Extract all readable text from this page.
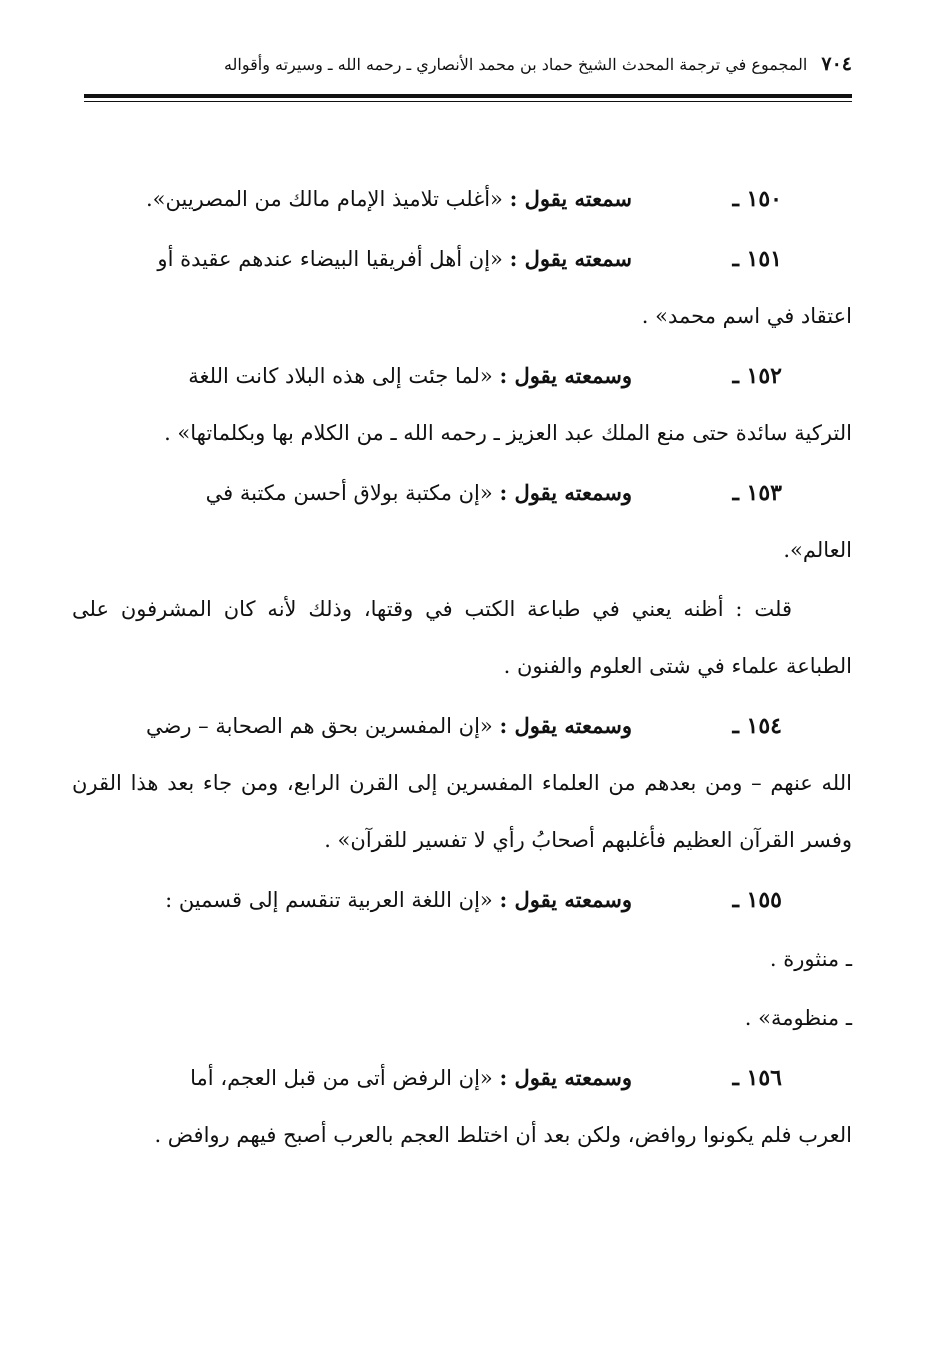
٧٠٤
المجموع في ترجمة المحدث الشيخ حماد بن محمد الأنصاري ـ رحمه الله ـ وسيرته وأقواله
١٥٠ ـ
سمعته يقول : «أغلب تلاميذ الإمام مالك من المصريين».
١٥١ ـ
سمعته يقول : «إن أهل أفريقيا البيضاء عندهم عقيدة أو
اعتقاد في اسم محمد» .
١٥٢ ـ
وسمعته يقول : «لما جئت إلى هذه البلاد كانت اللغة
التركية سائدة حتى منع الملك عبد العزيز ـ رحمه الله ـ من الكلام بها وبكلماتها» .
١٥٣ ـ
وسمعته يقول : «إن مكتبة بولاق أحسن مكتبة في
العالم».
قلت : أظنه يعني في طباعة الكتب في وقتها، وذلك لأنه كان المشرفون على الطباعة علماء في شتى العلوم والفنون .
١٥٤ ـ
وسمعته يقول : «إن المفسرين بحق هم الصحابة – رضي
الله عنهم – ومن بعدهم من العلماء المفسرين إلى القرن الرابع، ومن جاء بعد هذا القرن وفسر القرآن العظيم فأغلبهم أصحابُ رأي لا تفسير للقرآن» .
١٥٥ ـ
وسمعته يقول : «إن اللغة العربية تنقسم إلى قسمين :
ـ منثورة .
ـ منظومة» .
١٥٦ ـ
وسمعته يقول : «إن الرفض أتى من قبل العجم، أما
العرب فلم يكونوا روافض، ولكن بعد أن اختلط العجم بالعرب أصبح فيهم روافض .
